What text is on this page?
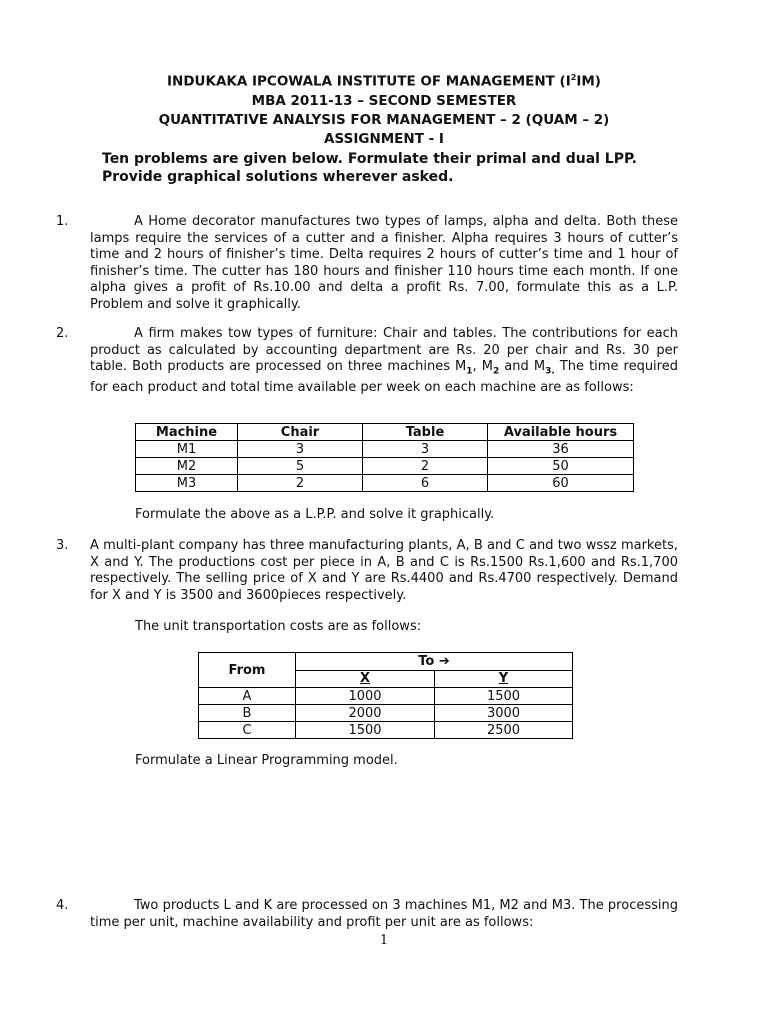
INDUKAKA IPCOWALA INSTITUTE OF MANAGEMENT $(I^2IM)$
MBA 2011-13 – SECOND SEMESTER
QUANTITATIVE ANALYSIS FOR MANAGEMENT – 2 (QUAM – 2)
ASSIGNMENT - I
Ten problems are given below. Formulate their primal and dual LPP.
Provide graphical solutions wherever asked.
1.	A Home decorator manufactures two types of lamps, alpha and delta. Both these lamps require the services of a cutter and a finisher. Alpha requires 3 hours of cutter’s time and 2 hours of finisher’s time. Delta requires 2 hours of cutter’s time and 1 hour of finisher’s time. The cutter has 180 hours and finisher 110 hours time each month. If one alpha gives a profit of Rs.10.00 and delta a profit Rs. 7.00, formulate this as a L.P. Problem and solve it graphically.
2.	A firm makes tow types of furniture: Chair and tables. The contributions for each product as calculated by accounting department are Rs. 20 per chair and Rs. 30 per table. Both products are processed on three machines $M_1$, $M_2$ and $M_{3.}$ The time required for each product and total time available per week on each machine are as follows:
Machine	Chair	Table	Available hours
M1	3	3	36
M2	5	2	50
M3	2	6	60
Formulate the above as a L.P.P. and solve it graphically.
3. A multi-plant company has three manufacturing plants, A, B and C and two wssz markets, X and Y. The productions cost per piece in A, B and C is Rs.1500 Rs.1,600 and Rs.1,700 respectively. The selling price of X and Y are Rs.4400 and Rs.4700 respectively. Demand for X and Y is 3500 and 3600pieces respectively.
The unit transportation costs are as follows:
From	To ➔	
	X	Y
A	1000	1500
B	2000	3000
C	1500	2500
Formulate a Linear Programming model.
4.	Two products L and K are processed on 3 machines M1, M2 and M3. The processing time per unit, machine availability and profit per unit are as follows:
1
